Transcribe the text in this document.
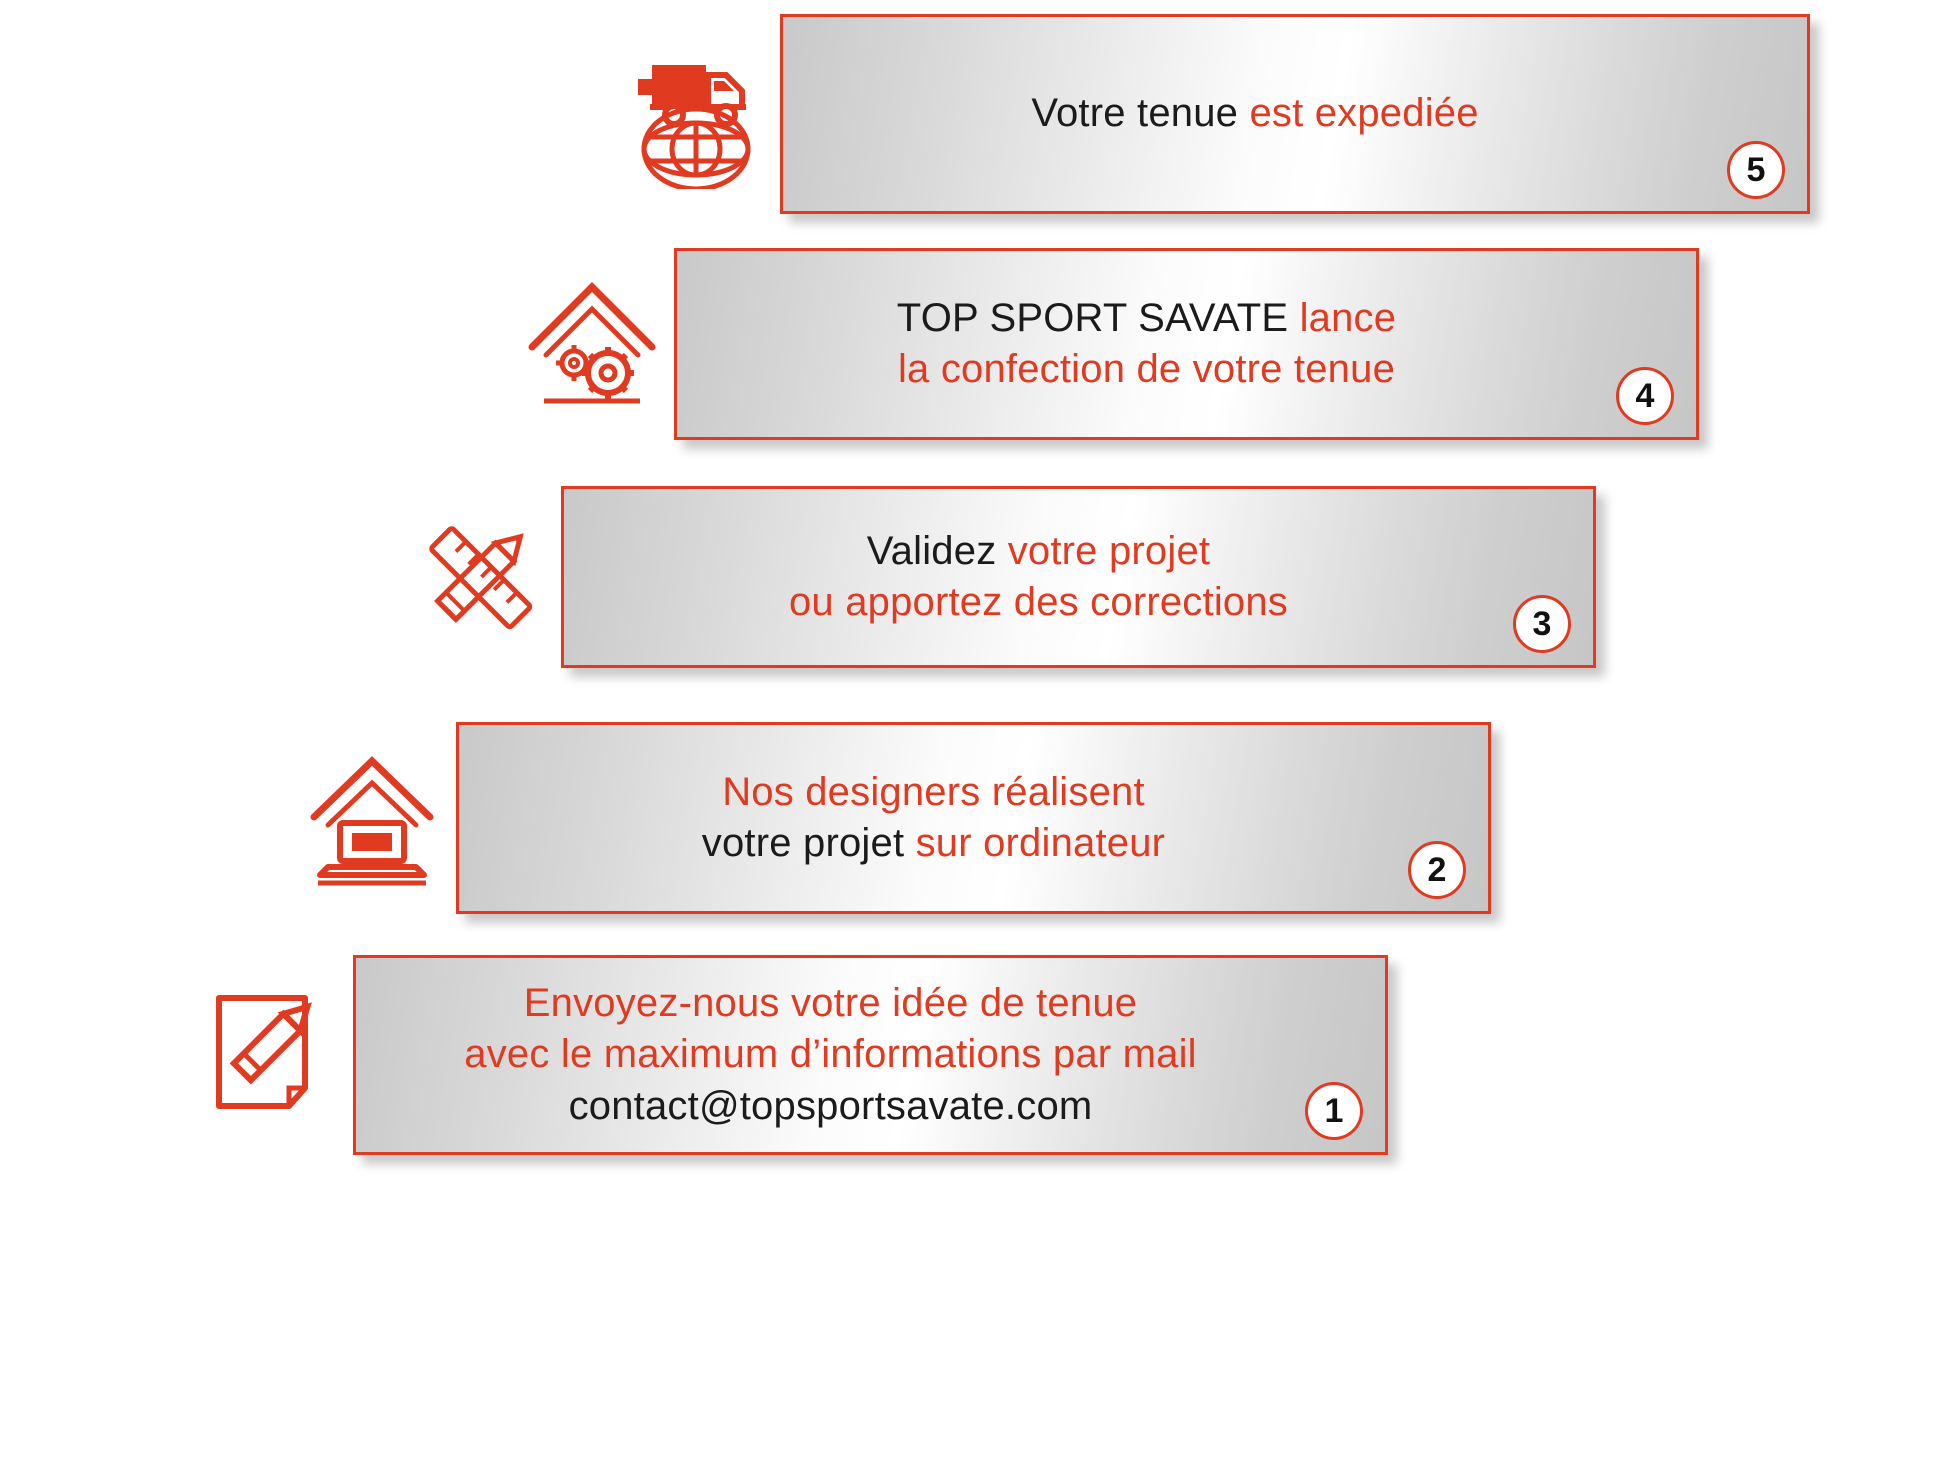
Votre tenue est expediée
5
TOP SPORT SAVATE lance
la confection de votre tenue
4
Validez votre projet
ou apportez des corrections	3
Nos designers réalisent
votre projet sur ordinateur
2
Envoyez-nous votre idée de tenue
avec le maximum d’informations par mail
contact@topsportsavate.com	1
